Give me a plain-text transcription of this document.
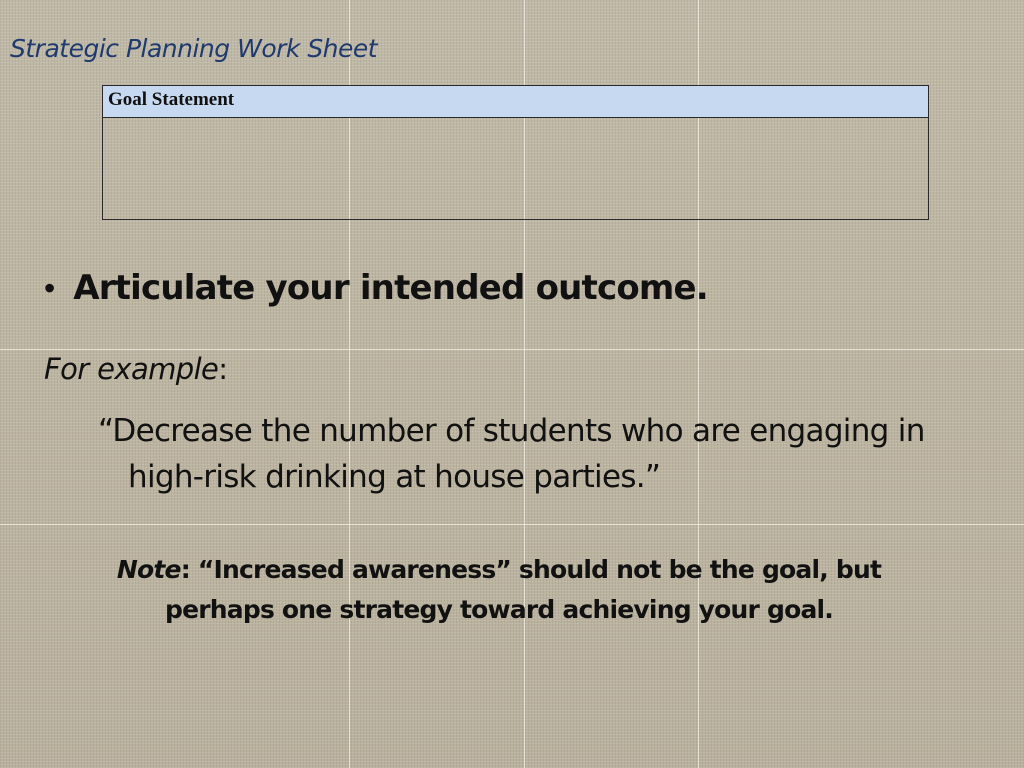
Strategic Planning Work Sheet
Goal Statement
• Articulate your intended outcome.
For example:
“Decrease the number of students who are engaging in high-risk drinking at house parties.”
Note: “Increased awareness” should not be the goal, but perhaps one strategy toward achieving your goal.
